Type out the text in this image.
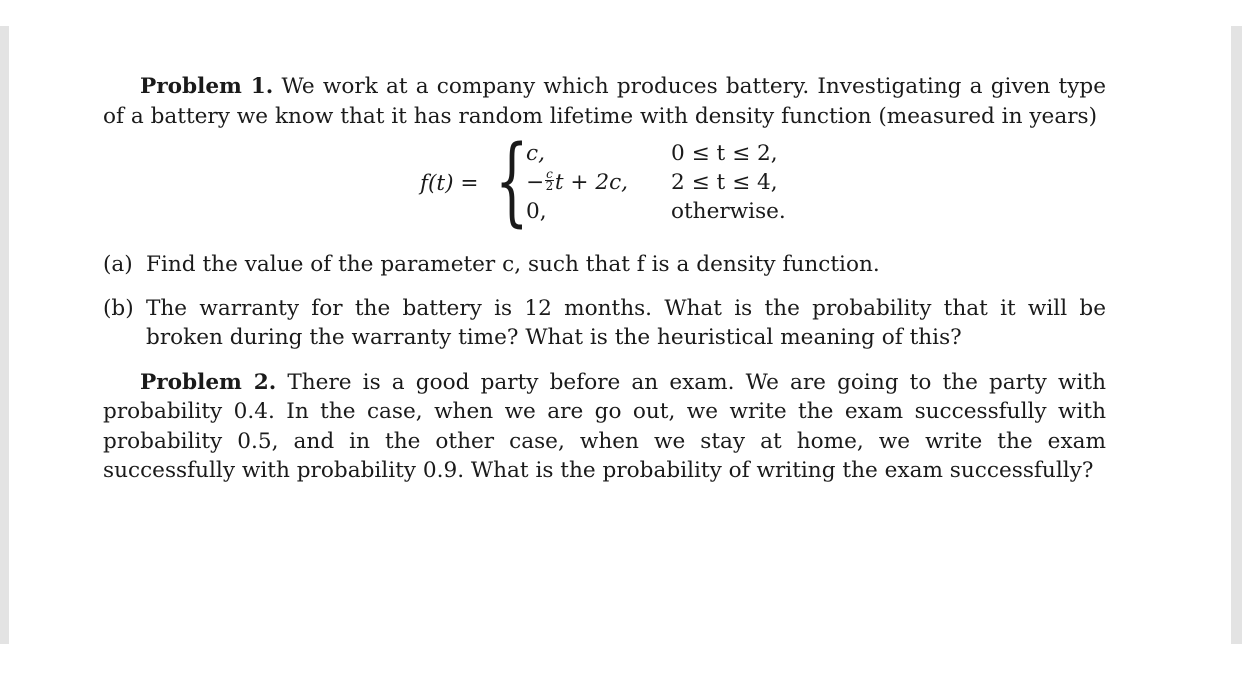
Problem 1. We work at a company which produces battery. Investigating a given type of a battery we know that it has random lifetime with density function (measured in years)

f(t) = {
c,	0 ≤ t ≤ 2,
− $\frac{c}{2}$ t + 2c, 2 ≤ t ≤ 4,
0,	otherwise.
(a) Find the value of the parameter c, such that f is a density function.
(b) The warranty for the battery is 12 months. What is the probability that it will be broken during the warranty time? What is the heuristical meaning of this?

Problem 2. There is a good party before an exam. We are going to the party with probability 0.4. In the case, when we are go out, we write the exam successfully with probability 0.5, and in the other case, when we stay at home, we write the exam successfully with probability 0.9. What is the probability of writing the exam successfully?
